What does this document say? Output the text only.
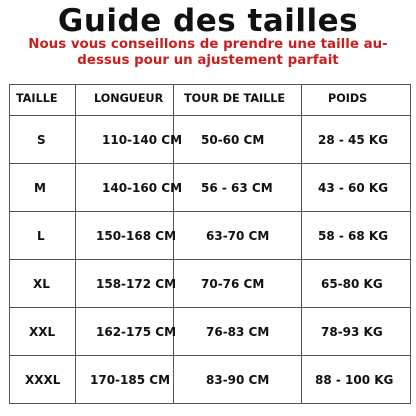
Guide des tailles
Nous vous conseillons de prendre une taille au-dessus pour un ajustement parfait
TAILLE	LONGUEUR	TOUR DE TAILLE	POIDS
S	110-140 CM	50-60 CM	28 - 45 KG
M	140-160 CM	56 - 63 CM	43 - 60 KG
L	150-168 CM	63-70 CM	58 - 68 KG
XL	158-172 CM	70-76 CM	65-80 KG
XXL	162-175 CM	76-83 CM	78-93 KG
XXXL	170-185 CM	83-90 CM	88 - 100 KG
